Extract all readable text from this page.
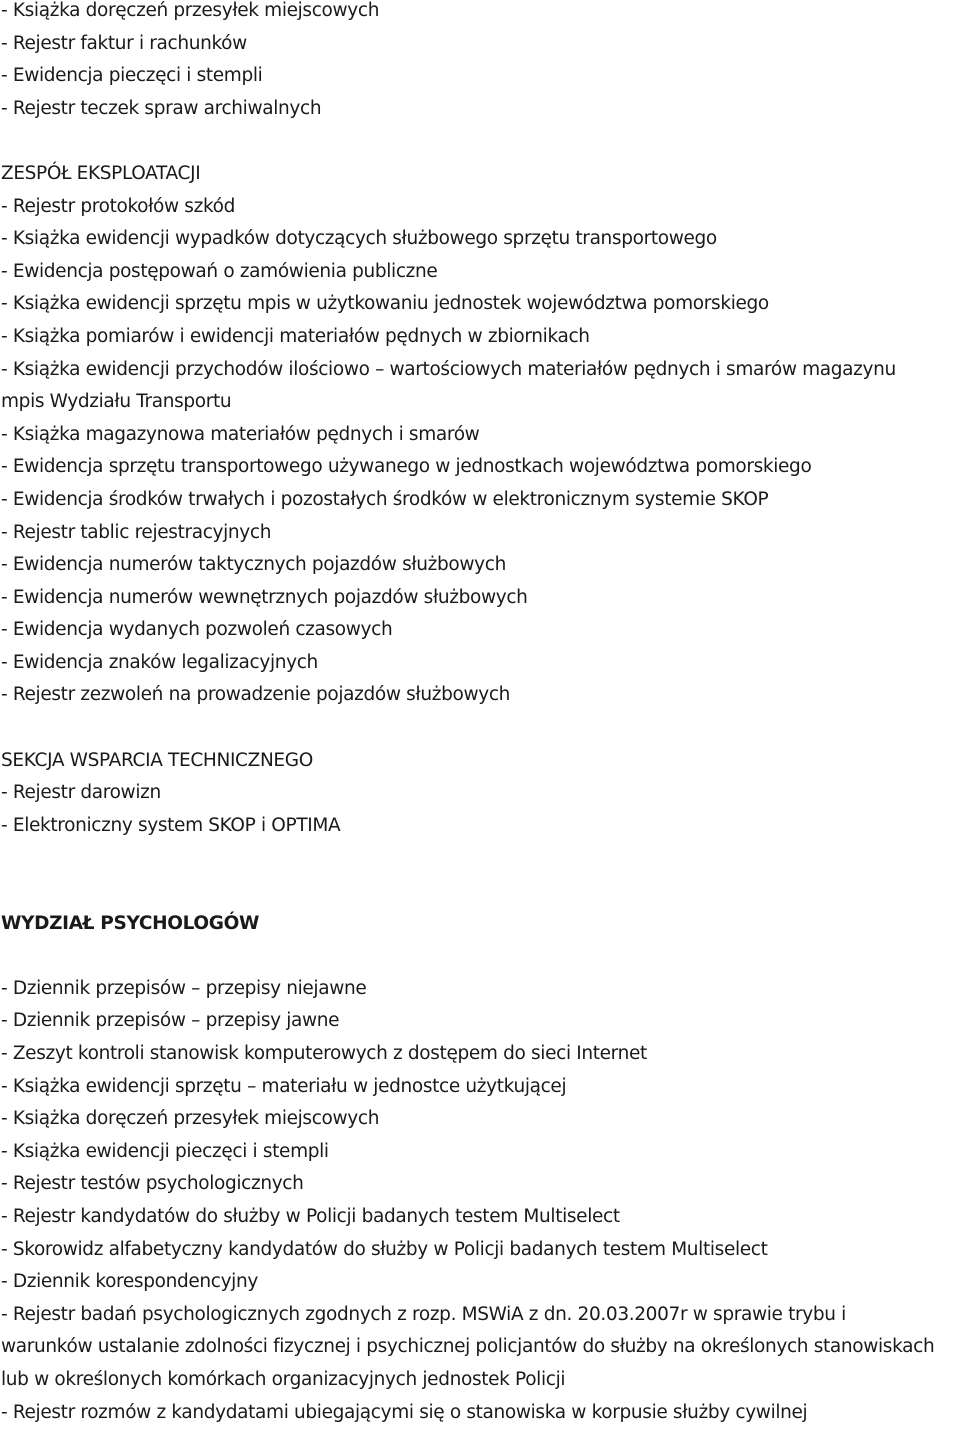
- Książka doręczeń przesyłek miejscowych
- Rejestr faktur i rachunków
- Ewidencja pieczęci i stempli
- Rejestr teczek spraw archiwalnych
ZESPÓŁ EKSPLOATACJI
- Rejestr protokołów szkód
- Książka ewidencji wypadków dotyczących służbowego sprzętu transportowego
- Ewidencja postępowań o zamówienia publiczne
- Książka ewidencji sprzętu mpis w użytkowaniu jednostek województwa pomorskiego
- Książka pomiarów i ewidencji materiałów pędnych w zbiornikach
- Książka ewidencji przychodów ilościowo – wartościowych materiałów pędnych i smarów magazynu
mpis Wydziału Transportu
- Książka magazynowa materiałów pędnych i smarów
- Ewidencja sprzętu transportowego używanego w jednostkach województwa pomorskiego
- Ewidencja środków trwałych i pozostałych środków w elektronicznym systemie SKOP
- Rejestr tablic rejestracyjnych
- Ewidencja numerów taktycznych pojazdów służbowych
- Ewidencja numerów wewnętrznych pojazdów służbowych
- Ewidencja wydanych pozwoleń czasowych
- Ewidencja znaków legalizacyjnych
- Rejestr zezwoleń na prowadzenie pojazdów służbowych
SEKCJA WSPARCIA TECHNICZNEGO
- Rejestr darowizn
- Elektroniczny system SKOP i OPTIMA
WYDZIAŁ PSYCHOLOGÓW
- Dziennik przepisów – przepisy niejawne
- Dziennik przepisów – przepisy jawne
- Zeszyt kontroli stanowisk komputerowych z dostępem do sieci Internet
- Książka ewidencji sprzętu – materiału w jednostce użytkującej
- Książka doręczeń przesyłek miejscowych
- Książka ewidencji pieczęci i stempli
- Rejestr testów psychologicznych
- Rejestr kandydatów do służby w Policji badanych testem Multiselect
- Skorowidz alfabetyczny kandydatów do służby w Policji badanych testem Multiselect
- Dziennik korespondencyjny
- Rejestr badań psychologicznych zgodnych z rozp. MSWiA z dn. 20.03.2007r w sprawie trybu i
warunków ustalanie zdolności fizycznej i psychicznej policjantów do służby na określonych stanowiskach
lub w określonych komórkach organizacyjnych jednostek Policji
- Rejestr rozmów z kandydatami ubiegającymi się o stanowiska w korpusie służby cywilnej
